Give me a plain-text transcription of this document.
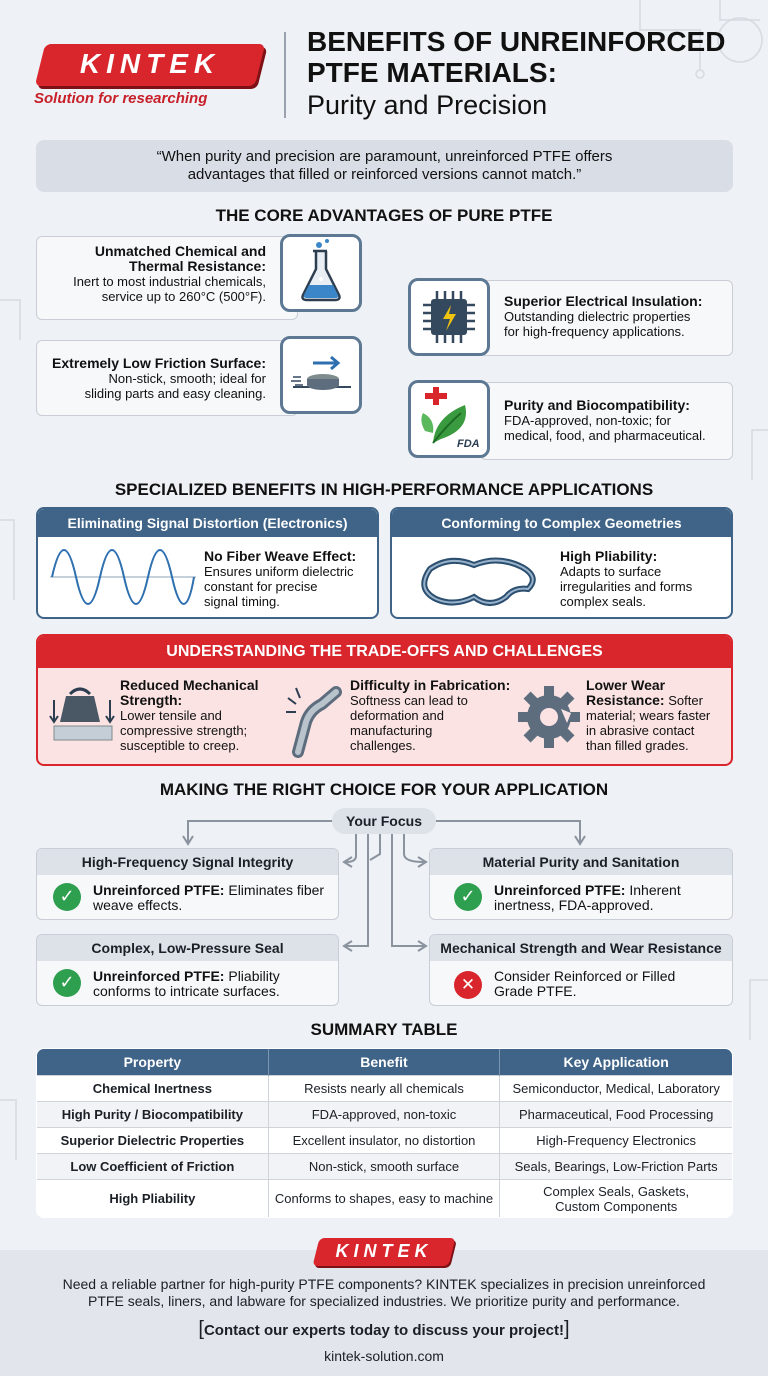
KINTEK
Solution for researching
BENEFITS OF UNREINFORCED
PTFE MATERIALS:
Purity and Precision
“When purity and precision are paramount, unreinforced PTFE offers
advantages that filled or reinforced versions cannot match.”
THE CORE ADVANTAGES OF PURE PTFE
Unmatched Chemical and
Thermal Resistance:
Inert to most industrial chemicals,
service up to 260°C (500°F).	Superior Electrical Insulation:
Outstanding dielectric properties
for high-frequency applications.
Extremely Low Friction Surface:
Non-stick, smooth; ideal for
sliding parts and easy cleaning.
FDA
Purity and Biocompatibility:
FDA-approved, non-toxic; for
medical, food, and pharmaceutical.
SPECIALIZED BENEFITS IN HIGH-PERFORMANCE APPLICATIONS
Eliminating Signal Distortion (Electronics)
No Fiber Weave Effect:
Ensures uniform dielectric
constant for precise
signal timing.
Conforming to Complex Geometries
High Pliability:
Adapts to surface
irregularities and forms
complex seals.
UNDERSTANDING THE TRADE-OFFS AND CHALLENGES
Reduced Mechanical
Strength:
Lower tensile and
compressive strength;
susceptible to creep.
Difficulty in Fabrication:
Softness can lead to
deformation and
manufacturing
challenges.
Lower Wear
Resistance: Softer
material; wears faster
in abrasive contact
than filled grades.
MAKING THE RIGHT CHOICE FOR YOUR APPLICATION
Your Focus
High-Frequency Signal Integrity
✓	Unreinforced PTFE: Eliminates fiber
weave effects.
Material Purity and Sanitation
✓	Unreinforced PTFE: Inherent
inertness, FDA-approved.
Complex, Low-Pressure Seal
✓	Unreinforced PTFE: Pliability
conforms to intricate surfaces.
Mechanical Strength and Wear Resistance
✕	Consider Reinforced or Filled
Grade PTFE.
SUMMARY TABLE
Property	Benefit	Key Application
Chemical Inertness	Resists nearly all chemicals	Semiconductor, Medical, Laboratory
High Purity / Biocompatibility	FDA-approved, non-toxic	Pharmaceutical, Food Processing
Superior Dielectric Properties	Excellent insulator, no distortion	High-Frequency Electronics
Low Coefficient of Friction	Non-stick, smooth surface	Seals, Bearings, Low-Friction Parts
High Pliability	Conforms to shapes, easy to machine	Complex Seals, Gaskets,
Custom Components
KINTEK
Need a reliable partner for high-purity PTFE components? KINTEK specializes in precision unreinforced
PTFE seals, liners, and labware for specialized industries. We prioritize purity and performance.
[Contact our experts today to discuss your project!]
kintek-solution.com
